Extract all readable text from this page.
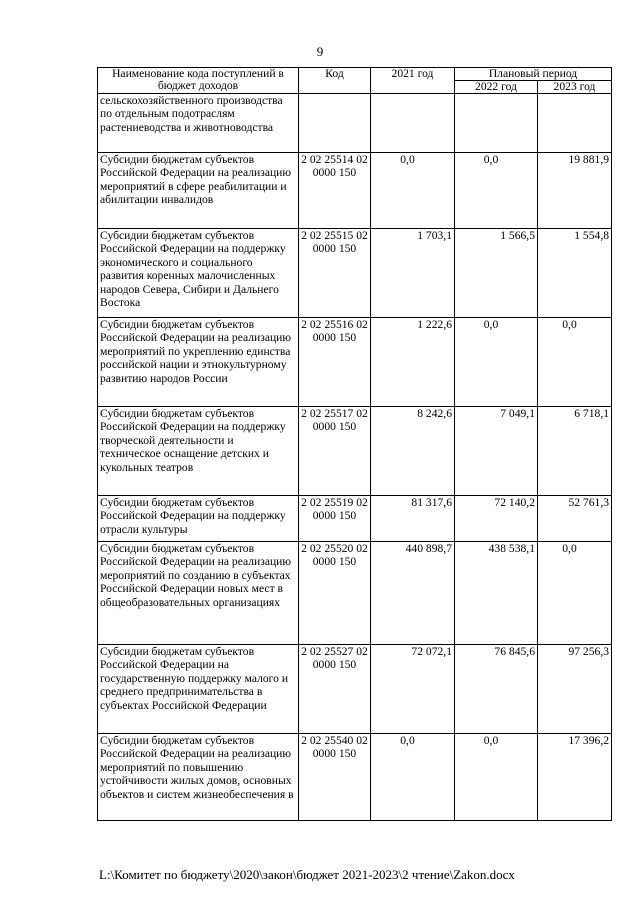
9
Наименование кода поступлений в бюджет доходов	Код	2021 год	Плановый период	
			2022 год	2023 год
сельскохозяйственного производства по отдельным подотраслям растениеводства и животноводства				
Субсидии бюджетам субъектов Российской Федерации на реализацию мероприятий в сфере реабилитации и абилитации инвалидов	2 02 25514 02 0000 150	0,0	0,0	19 881,9
Субсидии бюджетам субъектов Российской Федерации на поддержку экономического и социального развития коренных малочисленных народов Севера, Сибири и Дальнего Востока	2 02 25515 02 0000 150	1 703,1	1 566,5	1 554,8
Субсидии бюджетам субъектов Российской Федерации на реализацию мероприятий по укреплению единства российской нации и этнокультурному развитию народов России	2 02 25516 02 0000 150	1 222,6	0,0	0,0
Субсидии бюджетам субъектов Российской Федерации на поддержку творческой деятельности и техническое оснащение детских и кукольных театров	2 02 25517 02 0000 150	8 242,6	7 049,1	6 718,1
Субсидии бюджетам субъектов Российской Федерации на поддержку отрасли культуры	2 02 25519 02 0000 150	81 317,6	72 140,2	52 761,3
Субсидии бюджетам субъектов Российской Федерации на реализацию мероприятий по созданию в субъектах Российской Федерации новых мест в общеобразовательных организациях	2 02 25520 02 0000 150	440 898,7	438 538,1	0,0
Субсидии бюджетам субъектов Российской Федерации на государственную поддержку малого и среднего предпринимательства в субъектах Российской Федерации	2 02 25527 02 0000 150	72 072,1	76 845,6	97 256,3
Субсидии бюджетам субъектов Российской Федерации на реализацию мероприятий по повышению устойчивости жилых домов, основных объектов и систем жизнеобеспечения в	2 02 25540 02 0000 150	0,0	0,0	17 396,2
L:\Комитет по бюджету\2020\закон\бюджет 2021-2023\2 чтение\Zakon.docx
